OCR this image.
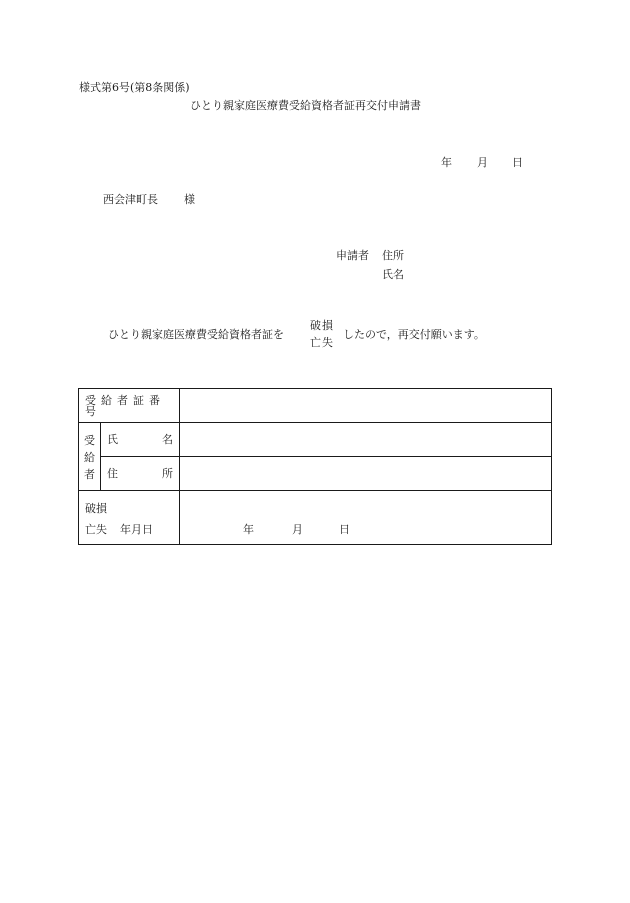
様式第6号(第8条関係)
ひとり親家庭医療費受給資格者証再交付申請書
年 月 日
西会津町長 様
申請者 住所
氏名
ひとり親家庭医療費受給資格者証を
破損
亡失
したので，再交付願います。
受給者証番号		

受
給
者	氏 名	

	住 所	

破損
亡失 年月日		年 月 日
